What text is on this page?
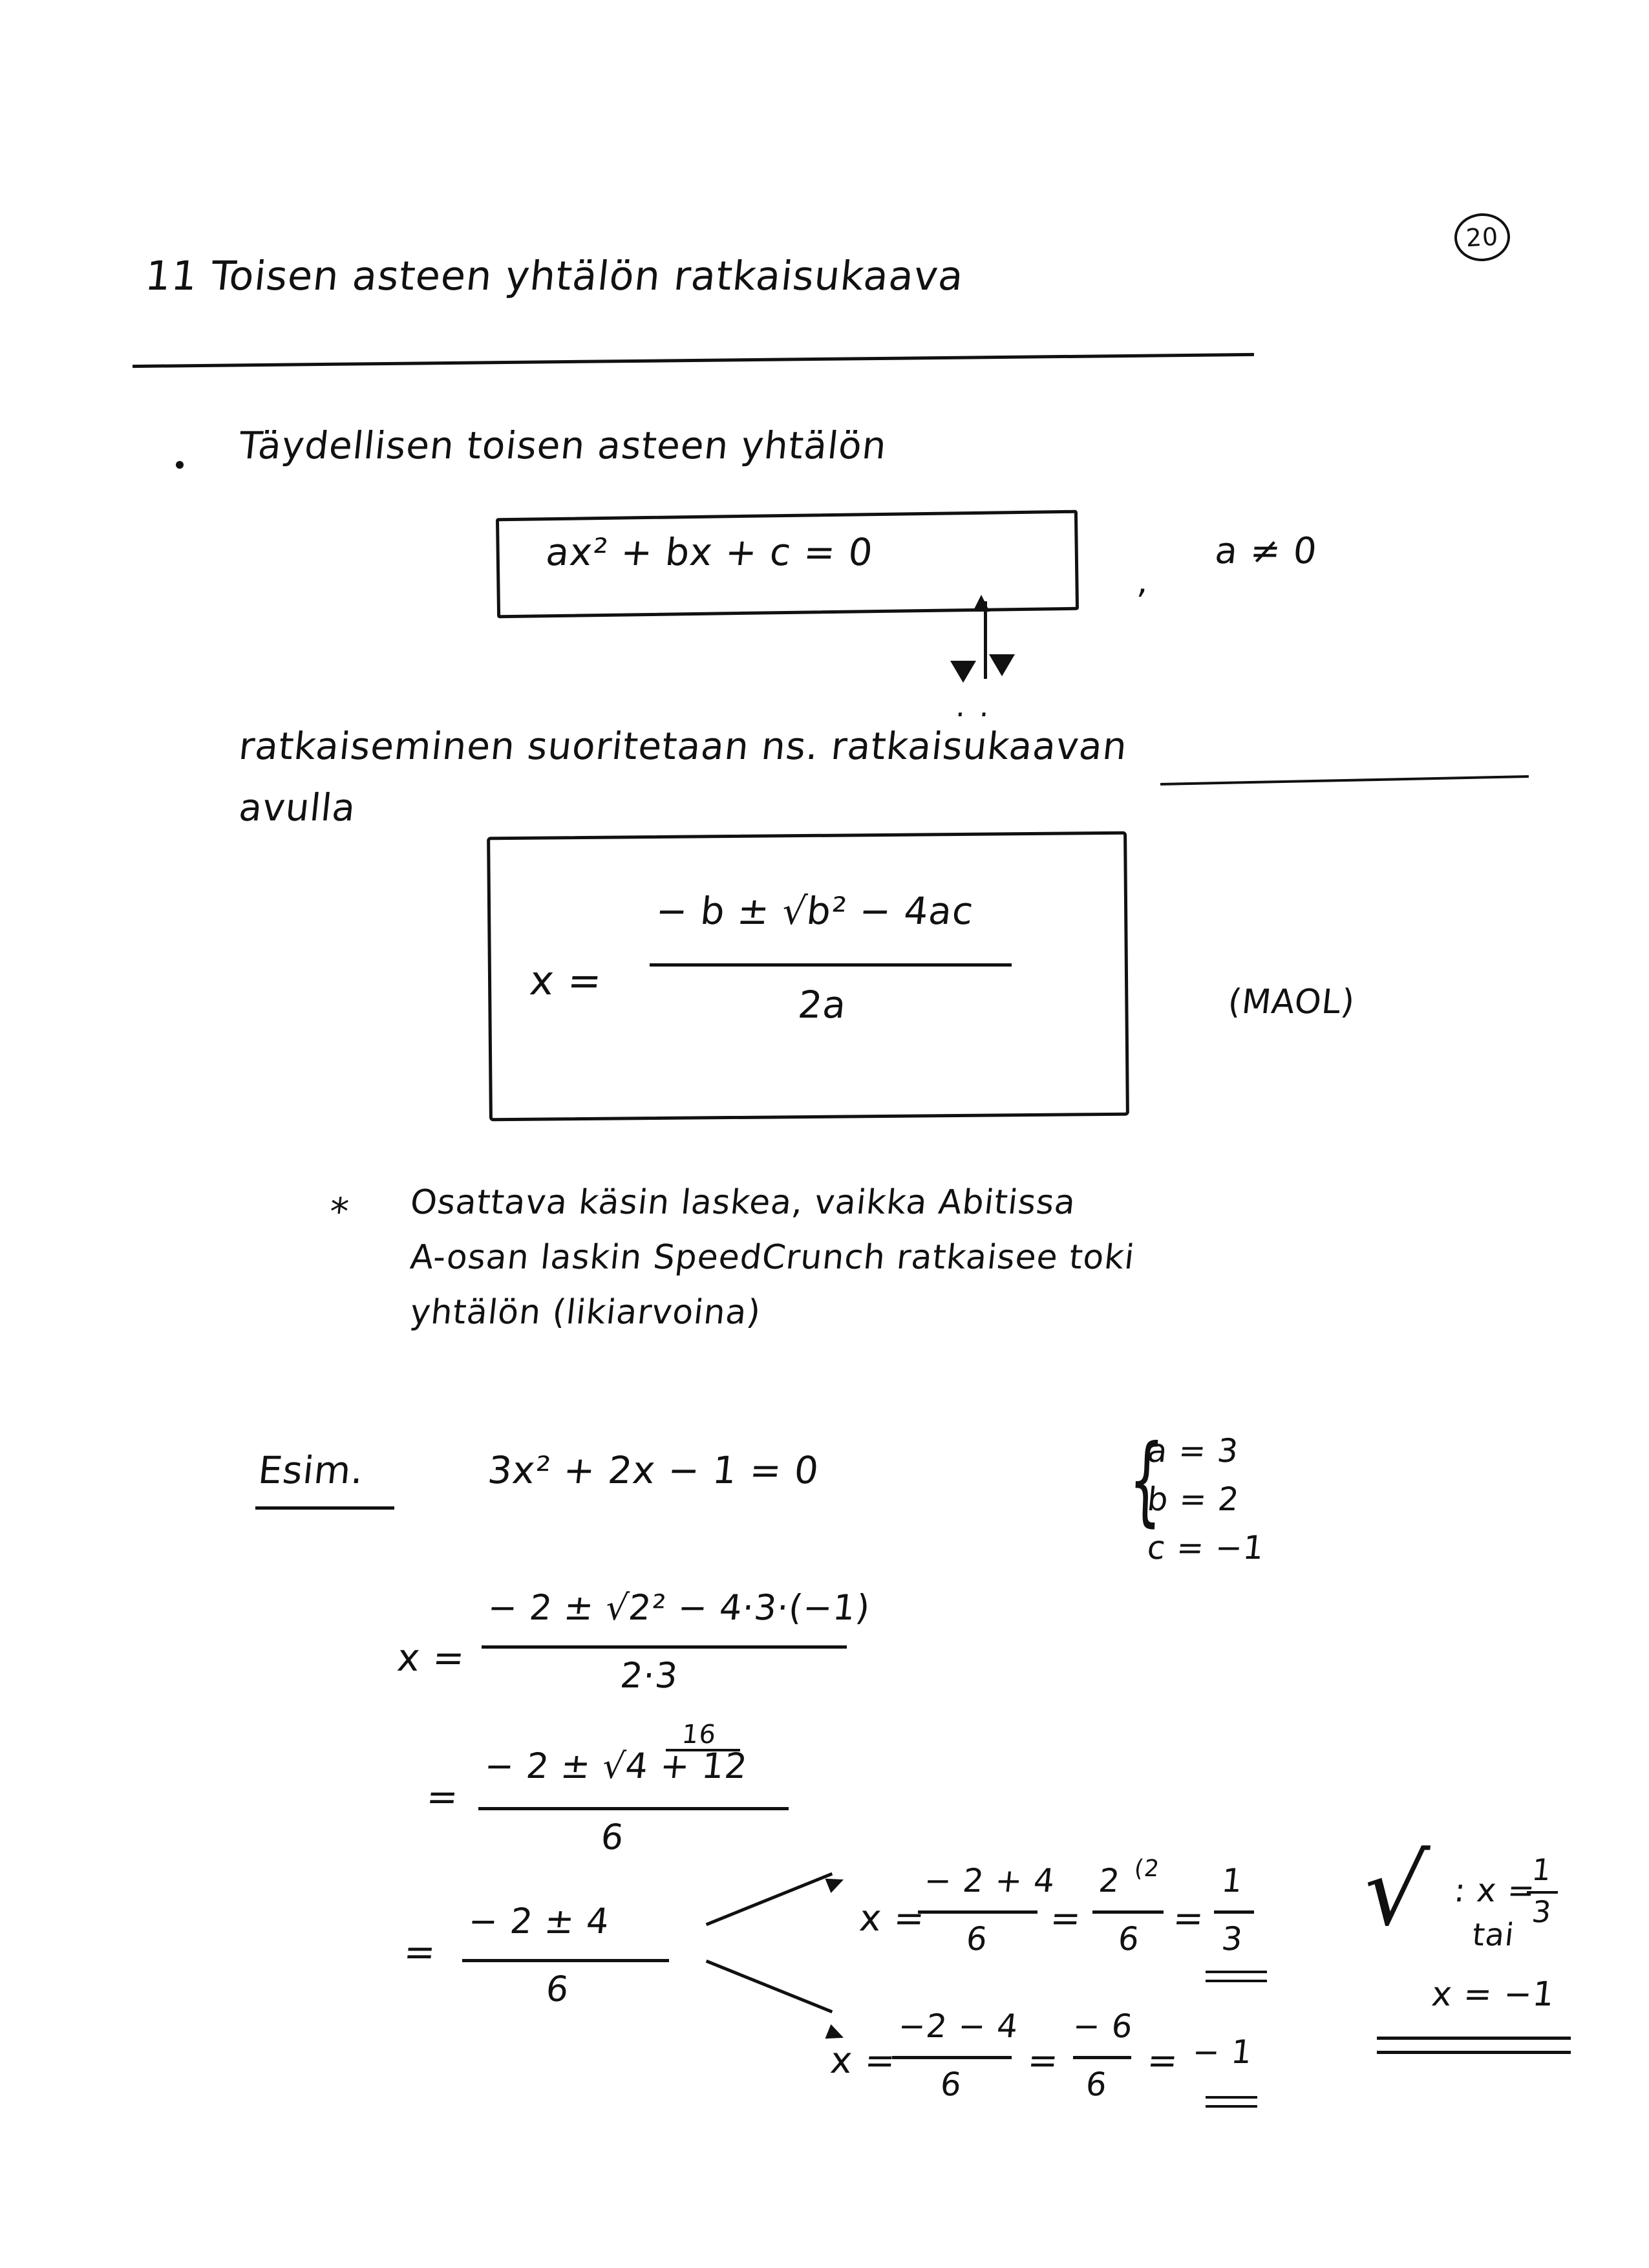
20
11 Toisen asteen yhtälön ratkaisukaava
Täydellisen toisen asteen yhtälön
ax² + bx + c = 0
,
a ≠ 0
··
ratkaiseminen suoritetaan ns. ratkaisukaavan
avulla
x =
− b ± √b² − 4ac
2a	(MAOL)
* Osattava käsin laskea, vaikka Abitissa
A-osan laskin SpeedCrunch ratkaisee toki
yhtälön (likiarvoina)
Esim.	3x² + 2x − 1 = 0	{
a = 3
b = 2
c = −1
x =
− 2 ± √2² − 4·3·(−1)
2·3
=
16
− 2 ± √4 + 12
6
=
− 2 ± 4
6
x =
− 2 + 4
6 =
2 (2
6 =
1
3
x =
−2 − 4
6
=
− 6
6
= − 1
√ : x =
1
3
tai
x = −1
